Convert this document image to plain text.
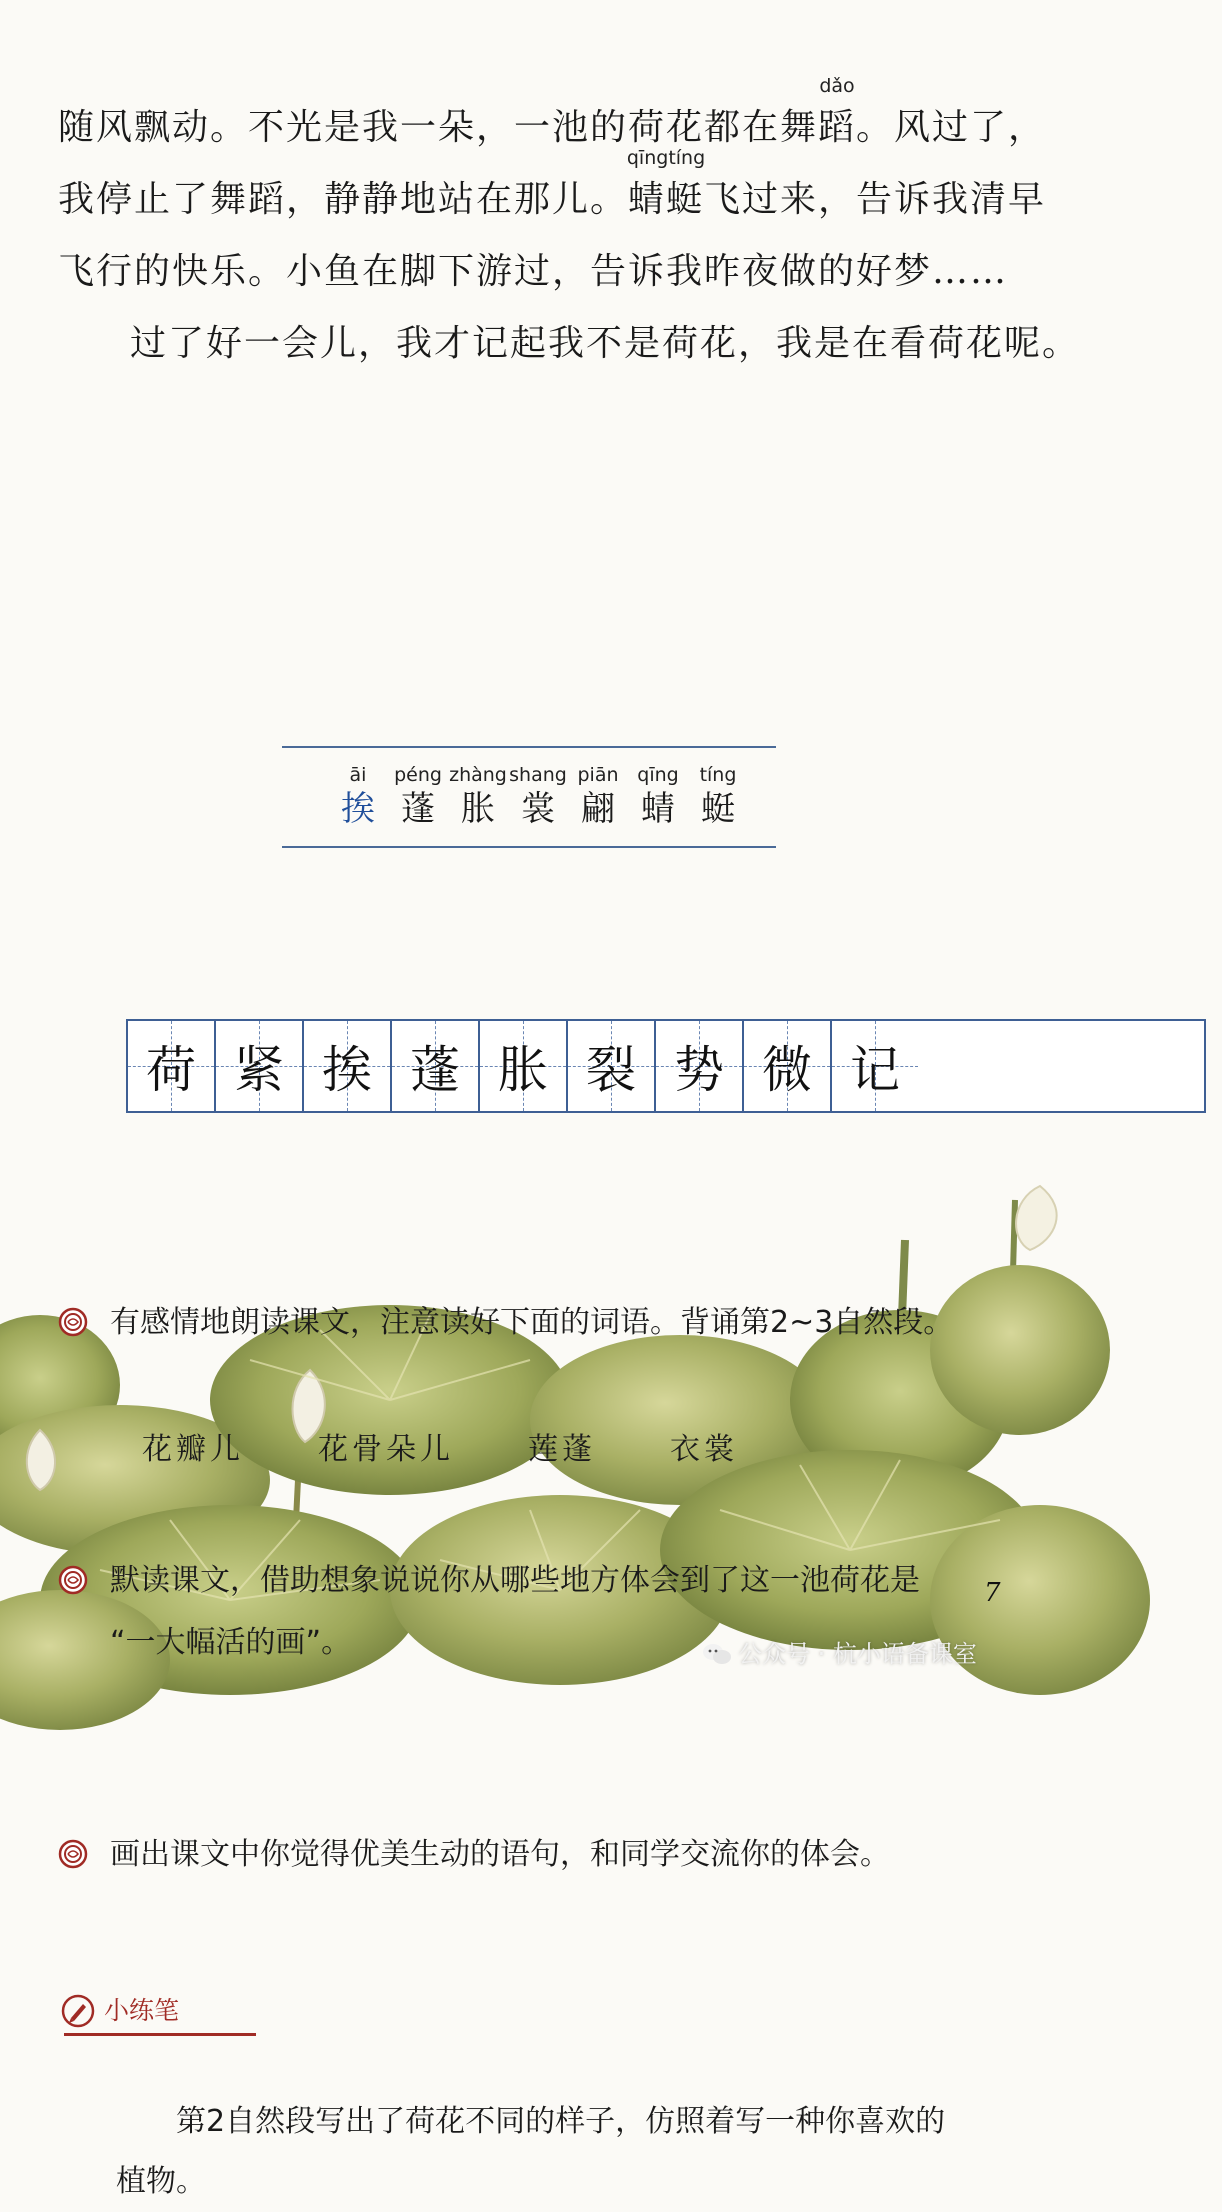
随风飘动。不光是我一朵，一池的荷花都在舞
dǎo
蹈。风过了，
我停止了舞蹈，静静地站在那儿。
qīngtíng
蜻蜓飞过来，告诉我清早
飞行的快乐。小鱼在脚下游过，告诉我昨夜做的好梦……
过了好一会儿，我才记起我不是荷花，我是在看荷花呢。
āi
挨
péng
蓬
zhàng
胀
shang
裳
piān
翩
qīng
蜻
tíng
蜓
荷 紧 挨 蓬 胀 裂 势 微 记
有感情地朗读课文，注意读好下面的词语。背诵第2~3自然段。
花瓣儿 花骨朵儿 莲蓬 衣裳
默读课文，借助想象说说你从哪些地方体会到了这一池荷花是
“一大幅活的画”。
画出课文中你觉得优美生动的语句，和同学交流你的体会。
小练笔
第2自然段写出了荷花不同的样子，仿照着写一种你喜欢的
植物。
7
公众号 · 杭小语备课室
